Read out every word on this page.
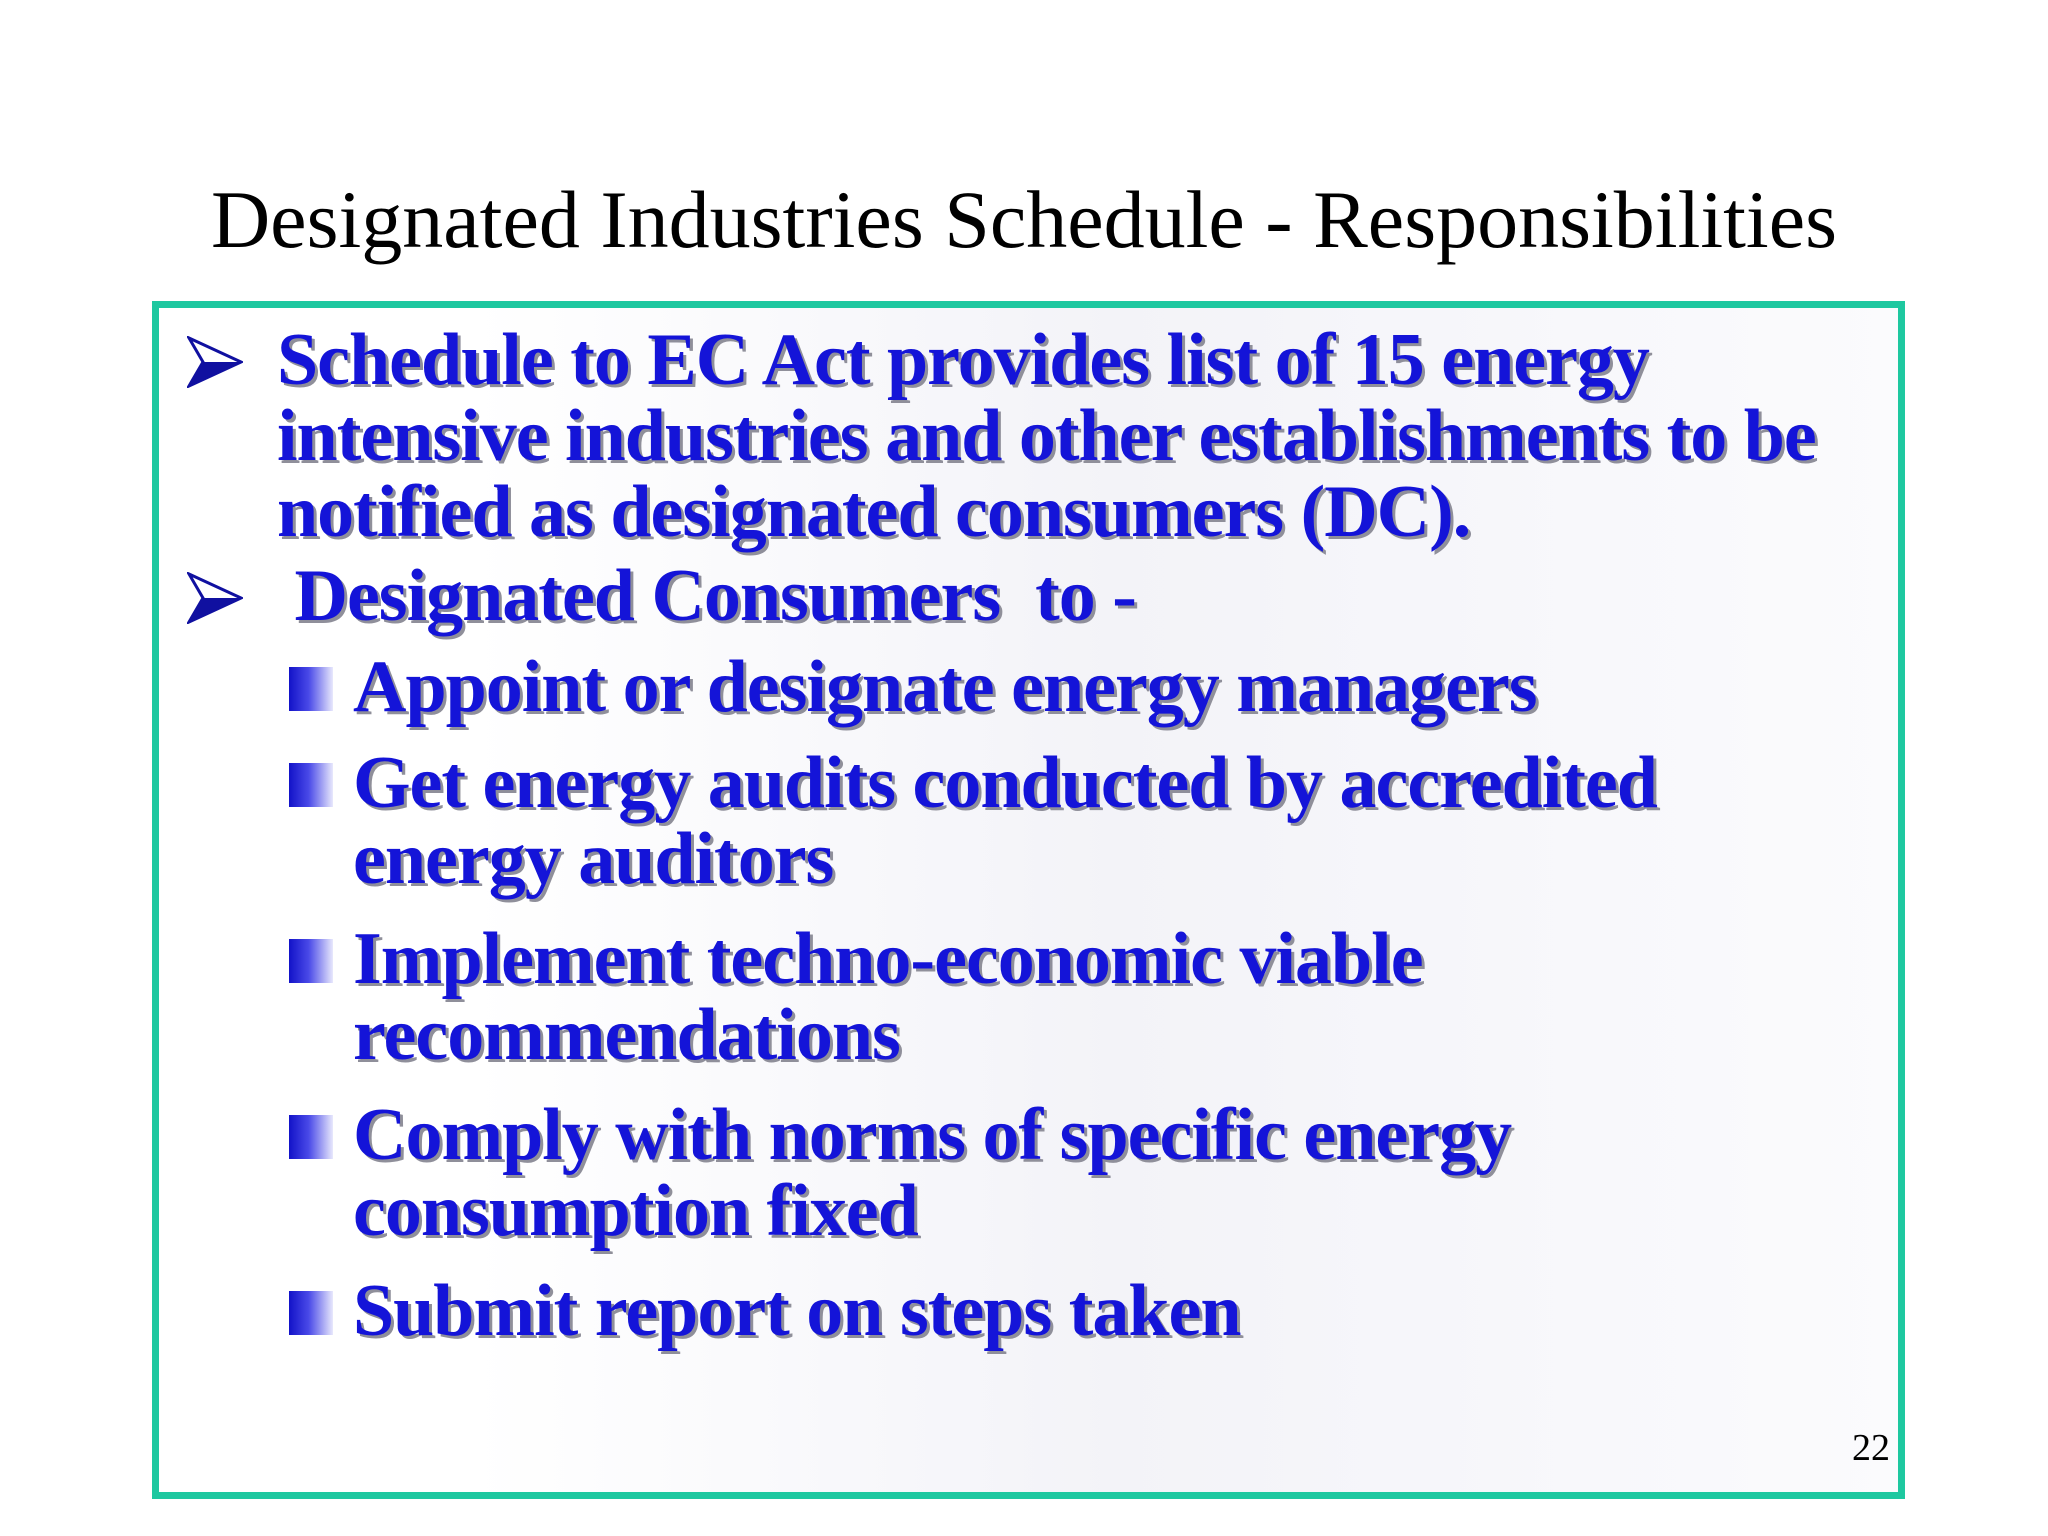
Designated Industries Schedule - Responsibilities
Schedule to EC Act provides list of 15 energy intensive industries and other establishments to be notified as designated consumers (DC).
Designated Consumers  to -
Appoint or designate energy managers
Get energy audits conducted by accredited energy auditors
Implement techno-economic viable recommendations
Comply with norms of specific energy consumption fixed
Submit report on steps taken
22
